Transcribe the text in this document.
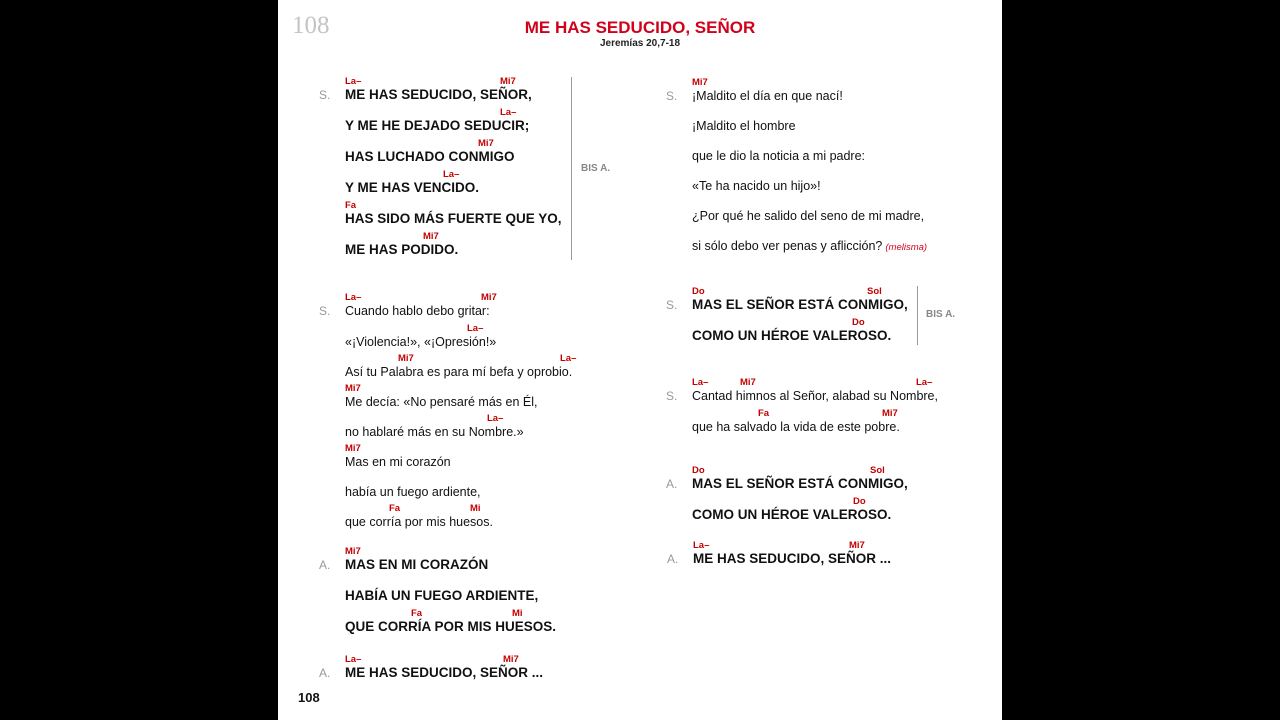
108	ME HAS SEDUCIDO, SEÑOR
Jeremías 20,7-18
S.
La–	Mi7
ME HAS SEDUCIDO, SEÑOR,
La–
Y ME HE DEJADO SEDUCIR;
Mi7
HAS LUCHADO CONMIGO
La–
Y ME HAS VENCIDO.
Fa
HAS SIDO MÁS FUERTE QUE YO,
Mi7
ME HAS PODIDO.
BIS A.
S.
La–	Mi7
Cuando hablo debo gritar:
La–
«¡Violencia!», «¡Opresión!»
Mi7	La–
Así tu Palabra es para mí befa y oprobio.
Mi7
Me decía: «No pensaré más en Él,
La–
no hablaré más en su Nombre.»
Mi7
Mas en mi corazón
había un fuego ardiente,
Fa	Mi
que corría por mis huesos.
A.
Mi7
MAS EN MI CORAZÓN
HABÍA UN FUEGO ARDIENTE,
Fa	Mi
QUE CORRÍA POR MIS HUESOS.
A.
La–	Mi7
ME HAS SEDUCIDO, SEÑOR ...
S.
Mi7
¡Maldito el día en que nací!
¡Maldito el hombre
que le dio la noticia a mi padre:
«Te ha nacido un hijo»!
¿Por qué he salido del seno de mi madre,
si sólo debo ver penas y aflicción? (melisma)
S.
Do	Sol
MAS EL SEÑOR ESTÁ CONMIGO,
Do
COMO UN HÉROE VALEROSO.
BIS A.
S.
La–	Mi7	La–
Cantad himnos al Señor, alabad su Nombre,
Fa	Mi7
que ha salvado la vida de este pobre.
A.
Do	Sol
MAS EL SEÑOR ESTÁ CONMIGO,
Do
COMO UN HÉROE VALEROSO.
A.
La–	Mi7
ME HAS SEDUCIDO, SEÑOR ...
108
